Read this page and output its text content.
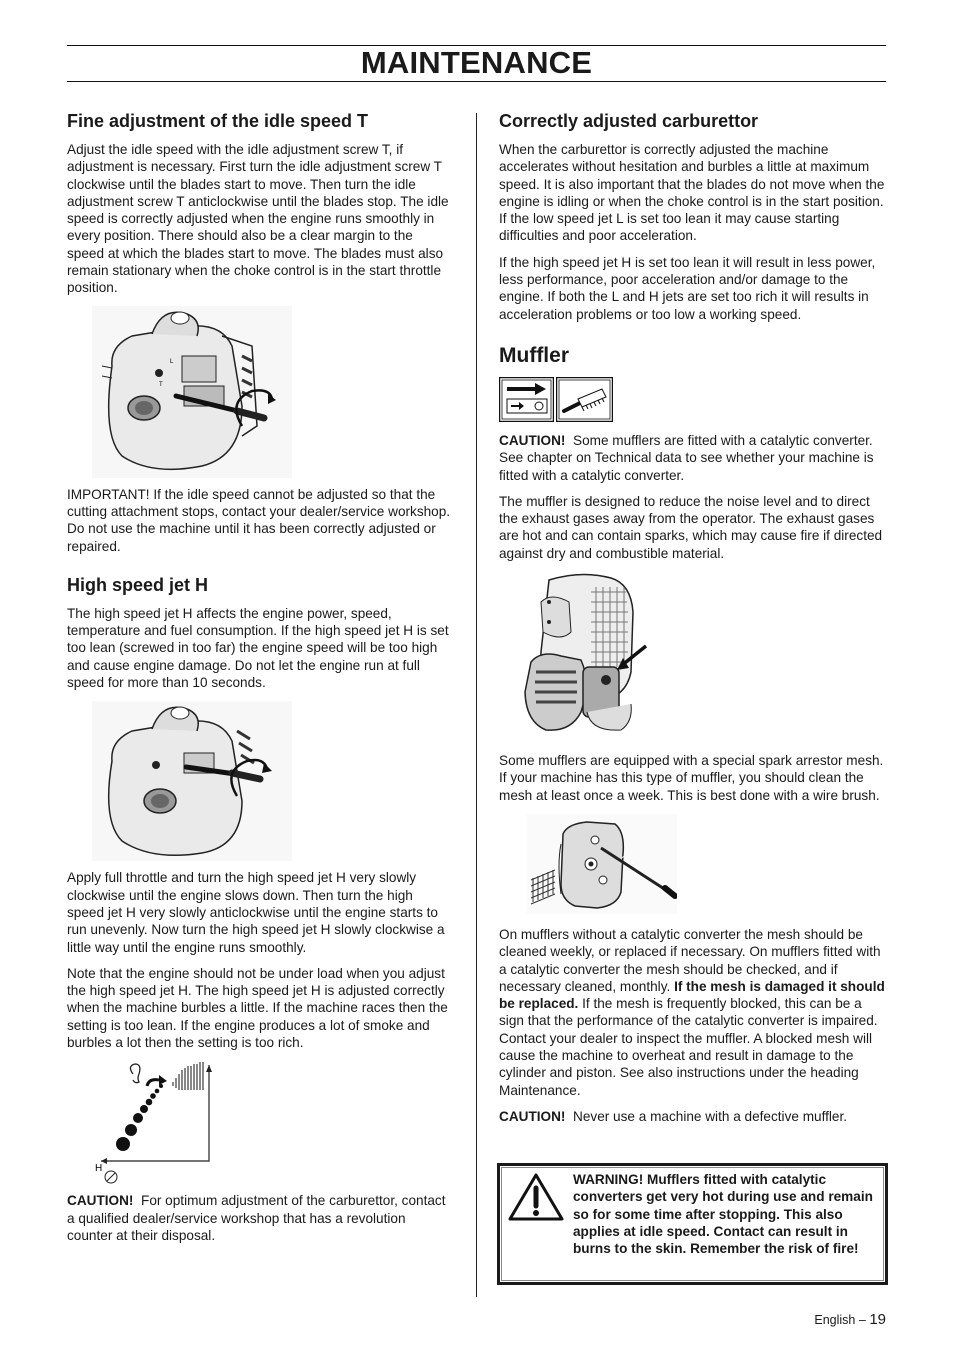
MAINTENANCE
Fine adjustment of the idle speed T

Adjust the idle speed with the idle adjustment screw T, if adjustment is necessary. First turn the idle adjustment screw T clockwise until the blades start to move. Then turn the idle adjustment screw T anticlockwise until the blades stop. The idle speed is correctly adjusted when the engine runs smoothly in every position. There should also be a clear margin to the speed at which the blades start to move. The blades must also remain stationary when the choke control is in the start throttle position.

L
T

IMPORTANT! If the idle speed cannot be adjusted so that the cutting attachment stops, contact your dealer/service workshop. Do not use the machine until it has been correctly adjusted or repaired.

High speed jet H

The high speed jet H affects the engine power, speed, temperature and fuel consumption. If the high speed jet H is set too lean (screwed in too far) the engine speed will be too high and cause engine damage. Do not let the engine run at full speed for more than 10 seconds.

Apply full throttle and turn the high speed jet H very slowly clockwise until the engine slows down. Then turn the high speed jet H very slowly anticlockwise until the engine starts to run unevenly. Now turn the high speed jet H slowly clockwise a little way until the engine runs smoothly.

Note that the engine should not be under load when you adjust the high speed jet H. The high speed jet H is adjusted correctly when the machine burbles a little. If the machine races then the setting is too lean. If the engine produces a lot of smoke and burbles a lot then the setting is too rich.

H

CAUTION! For optimum adjustment of the carburettor, contact a qualified dealer/service workshop that has a revolution counter at their disposal.

Correctly adjusted carburettor

When the carburettor is correctly adjusted the machine accelerates without hesitation and burbles a little at maximum speed. It is also important that the blades do not move when the engine is idling or when the choke control is in the start position. If the low speed jet L is set too lean it may cause starting difficulties and poor acceleration.

If the high speed jet H is set too lean it will result in less power, less performance, poor acceleration and/or damage to the engine. If both the L and H jets are set too rich it will results in acceleration problems or too low a working speed.

Muffler

CAUTION! Some mufflers are fitted with a catalytic converter. See chapter on Technical data to see whether your machine is fitted with a catalytic converter.

The muffler is designed to reduce the noise level and to direct the exhaust gases away from the operator. The exhaust gases are hot and can contain sparks, which may cause fire if directed against dry and combustible material.

Some mufflers are equipped with a special spark arrestor mesh. If your machine has this type of muffler, you should clean the mesh at least once a week. This is best done with a wire brush.

On mufflers without a catalytic converter the mesh should be cleaned weekly, or replaced if necessary. On mufflers fitted with a catalytic converter the mesh should be checked, and if necessary cleaned, monthly. If the mesh is damaged it should be replaced. If the mesh is frequently blocked, this can be a sign that the performance of the catalytic converter is impaired. Contact your dealer to inspect the muffler. A blocked mesh will cause the machine to overheat and result in damage to the cylinder and piston. See also instructions under the heading Maintenance.

CAUTION! Never use a machine with a defective muffler.

WARNING! Mufflers fitted with catalytic converters get very hot during use and remain so for some time after stopping. This also applies at idle speed. Contact can result in burns to the skin. Remember the risk of fire!
English – 19
